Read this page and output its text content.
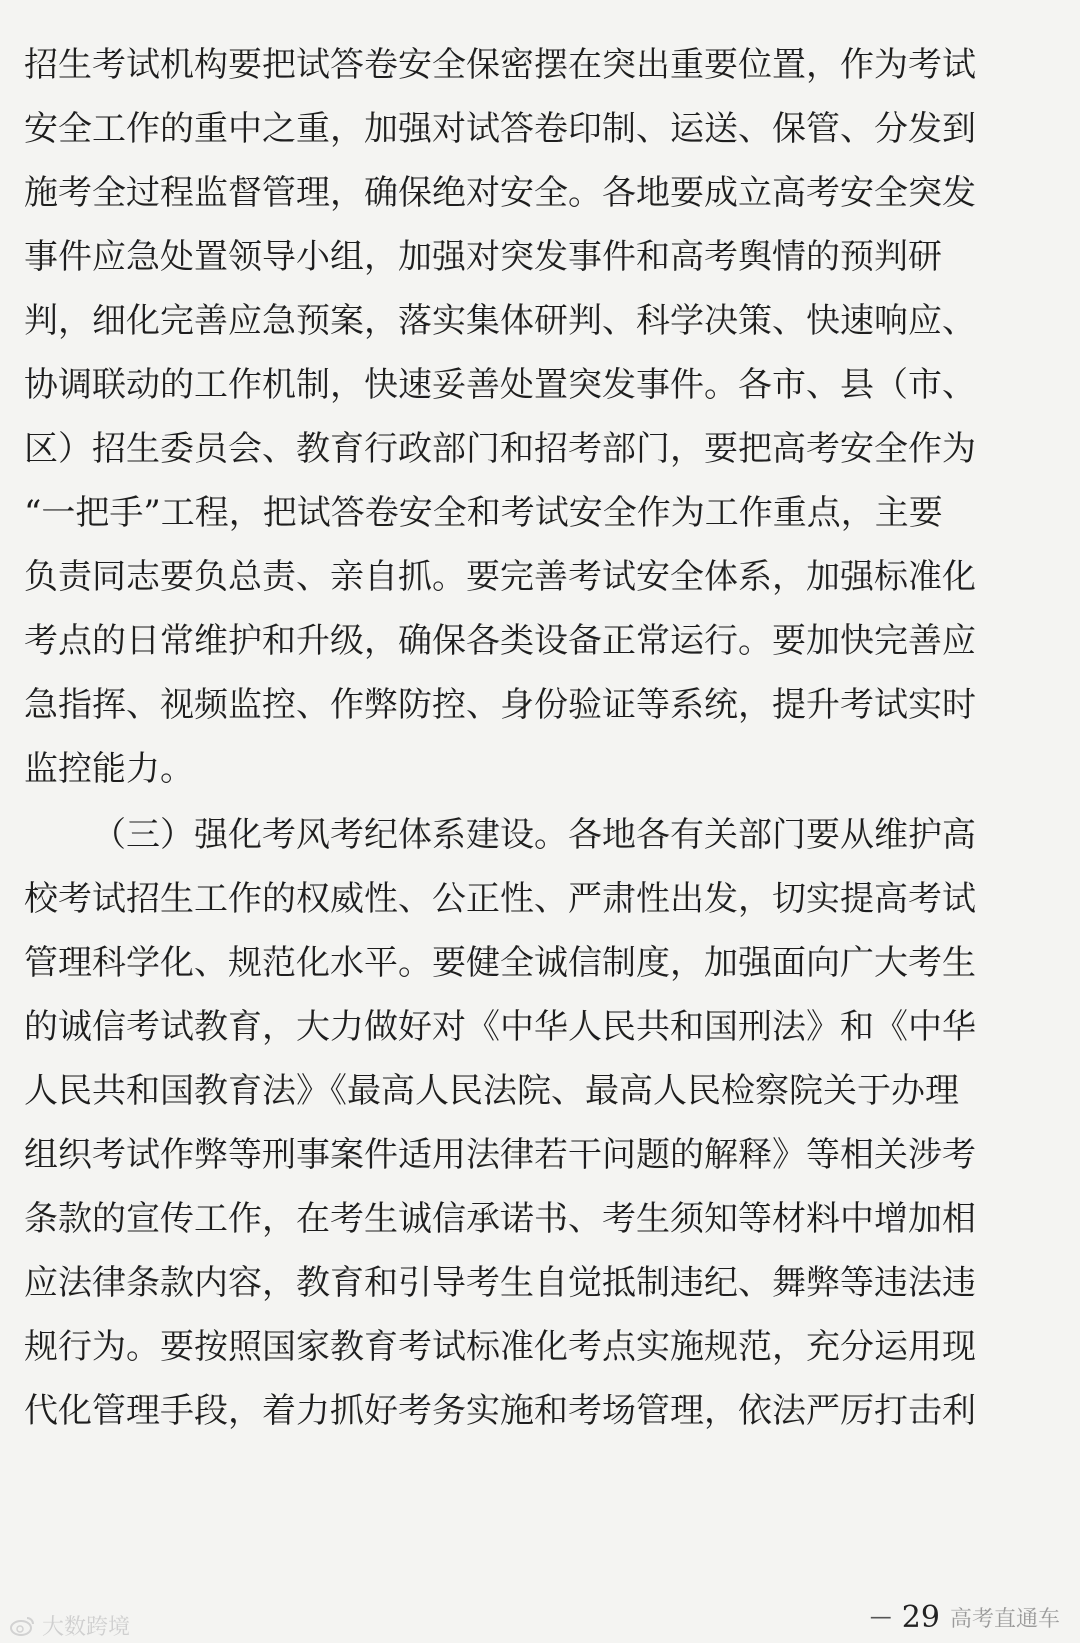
招生考试机构要把试答卷安全保密摆在突出重要位置，作为考试
安全工作的重中之重，加强对试答卷印制、运送、保管、分发到
施考全过程监督管理，确保绝对安全。各地要成立高考安全突发
事件应急处置领导小组，加强对突发事件和高考舆情的预判研
判，细化完善应急预案，落实集体研判、科学决策、快速响应、
协调联动的工作机制，快速妥善处置突发事件。各市、县（市、
区）招生委员会、教育行政部门和招考部门，要把高考安全作为
“一把手”工程，把试答卷安全和考试安全作为工作重点，主要
负责同志要负总责、亲自抓。要完善考试安全体系，加强标准化
考点的日常维护和升级，确保各类设备正常运行。要加快完善应
急指挥、视频监控、作弊防控、身份验证等系统，提升考试实时
监控能力。
（三）强化考风考纪体系建设。各地各有关部门要从维护高
校考试招生工作的权威性、公正性、严肃性出发，切实提高考试
管理科学化、规范化水平。要健全诚信制度，加强面向广大考生
的诚信考试教育，大力做好对《中华人民共和国刑法》和《中华
人民共和国教育法》《最高人民法院、最高人民检察院关于办理
组织考试作弊等刑事案件适用法律若干问题的解释》等相关涉考
条款的宣传工作，在考生诚信承诺书、考生须知等材料中增加相
应法律条款内容，教育和引导考生自觉抵制违纪、舞弊等违法违
规行为。要按照国家教育考试标准化考点实施规范，充分运用现
代化管理手段，着力抓好考务实施和考场管理，依法严厉打击利
大数跨境	— 29 高考直通车
